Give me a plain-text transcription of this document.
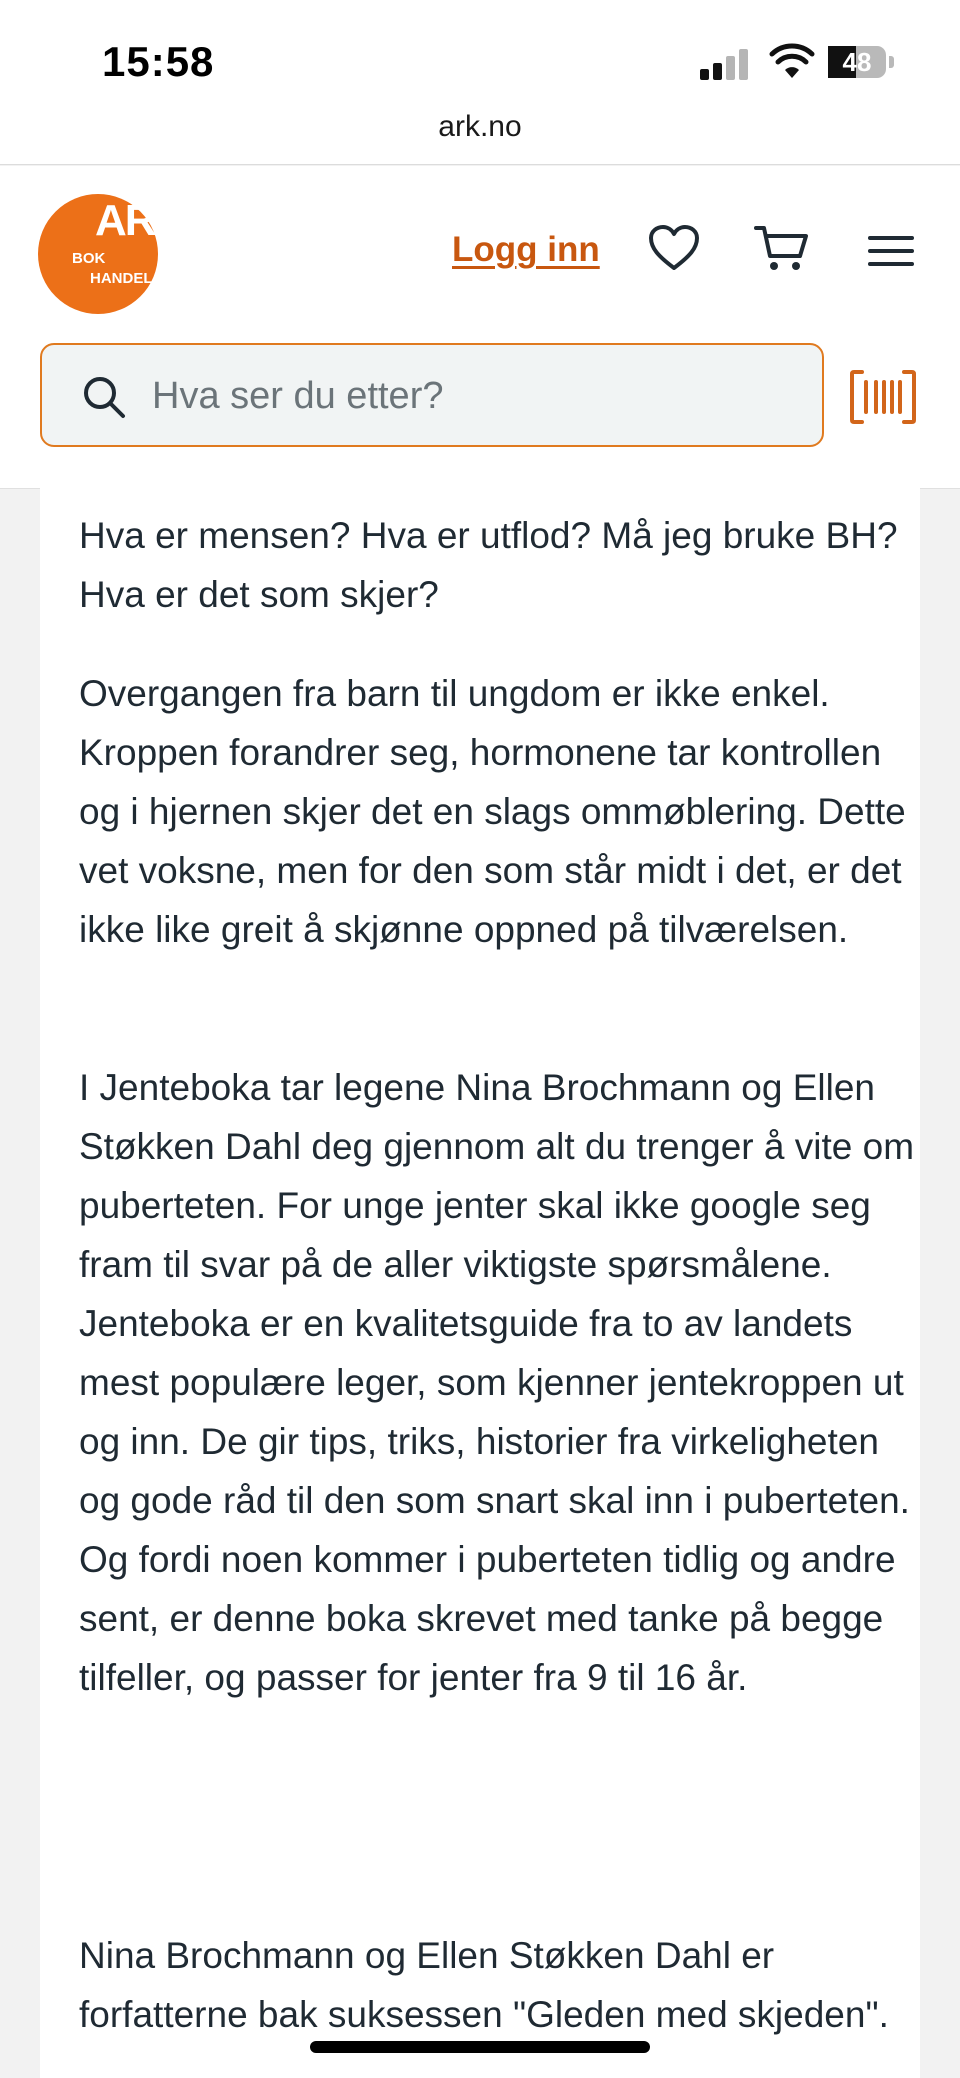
15:58	48
ark.no
ARK
BOK
HANDEL
Logg inn
Hva ser du etter?

Hva er mensen? Hva er utflod? Må jeg bruke BH? Hva er det som skjer?

Overgangen fra barn til ungdom er ikke enkel. Kroppen forandrer seg, hormonene tar kontrollen og i hjernen skjer det en slags ommøblering. Dette vet voksne, men for den som står midt i det, er det ikke like greit å skjønne oppned på tilværelsen.

I Jenteboka tar legene Nina Brochmann og Ellen Støkken Dahl deg gjennom alt du trenger å vite om puberteten. For unge jenter skal ikke google seg fram til svar på de aller viktigste spørsmålene. Jenteboka er en kvalitetsguide fra to av landets mest populære leger, som kjenner jentekroppen ut og inn. De gir tips, triks, historier fra virkeligheten og gode råd til den som snart skal inn i puberteten. Og fordi noen kommer i puberteten tidlig og andre sent, er denne boka skrevet med tanke på begge tilfeller, og passer for jenter fra 9 til 16 år.

Nina Brochmann og Ellen Støkken Dahl er forfatterne bak suksessen "Gleden med skjeden".
